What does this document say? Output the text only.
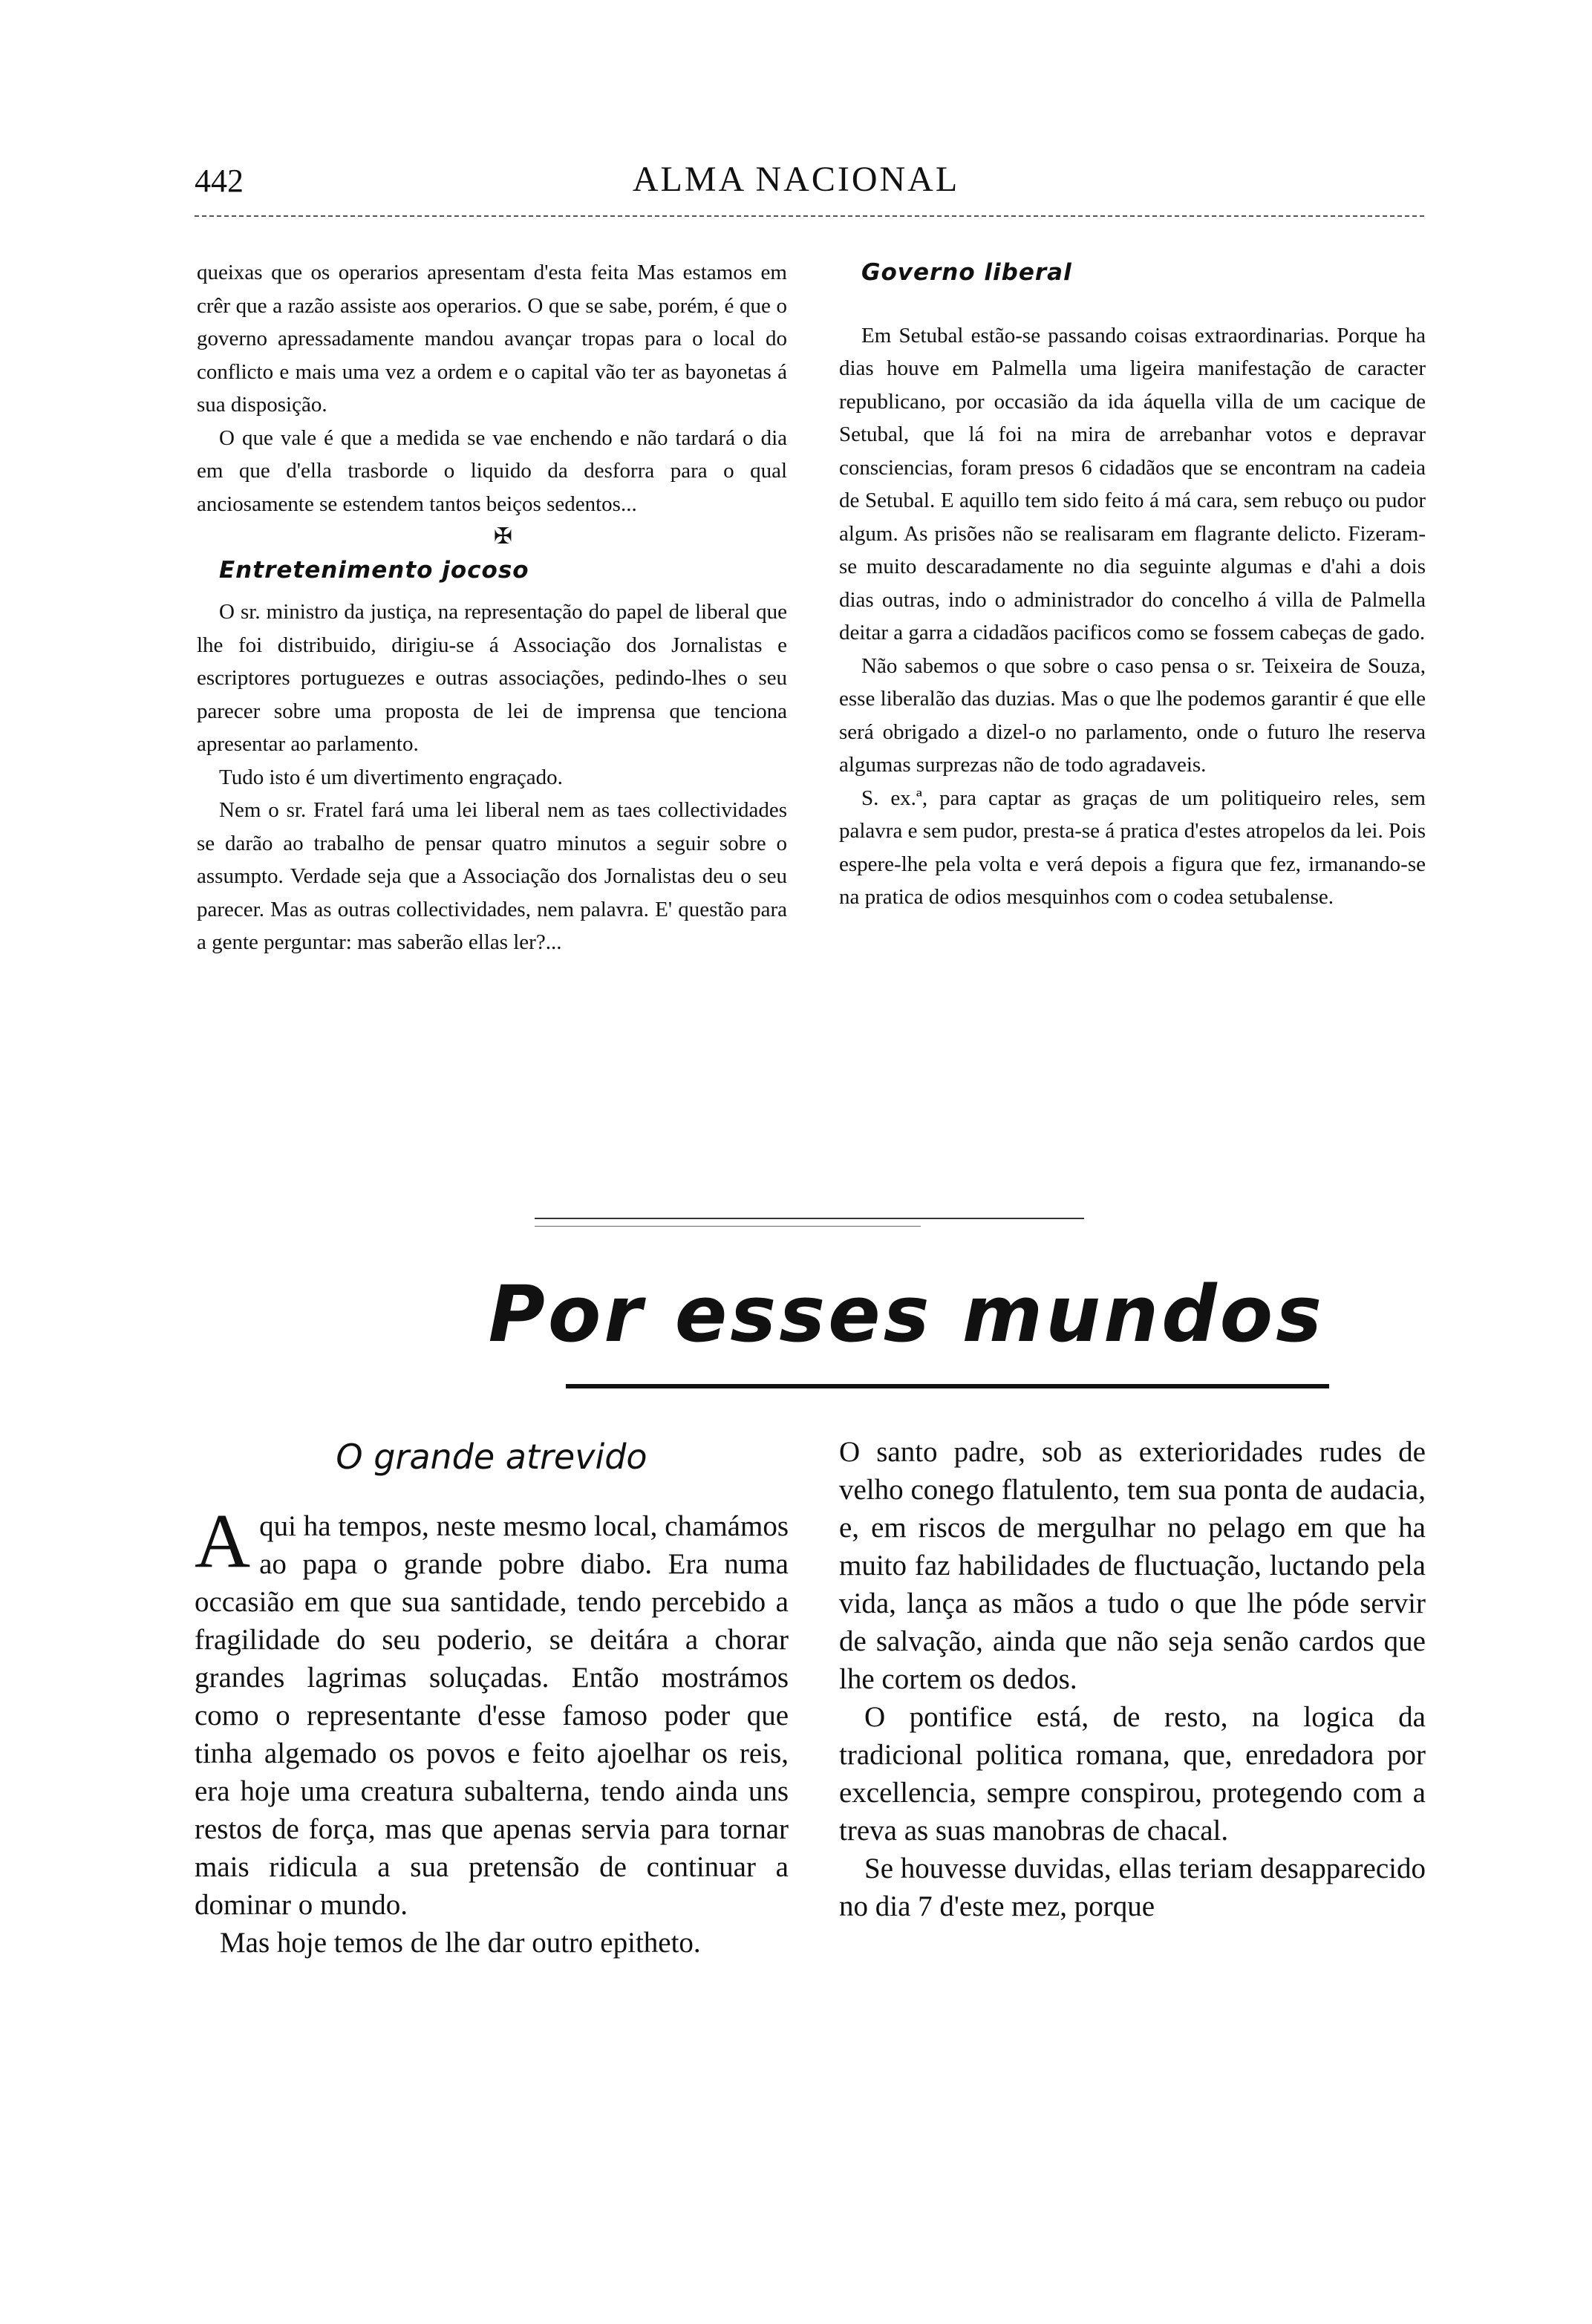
442	ALMA NACIONAL

queixas que os operarios apresentam d'esta feita Mas estamos em crêr que a razão assiste aos operarios. O que se sabe, porém, é que o governo apressadamente mandou avançar tropas para o local do conflicto e mais uma vez a ordem e o capital vão ter as bayonetas á sua disposição.

O que vale é que a medida se vae enchendo e não tardará o dia em que d'ella trasborde o liquido da desforra para o qual anciosamente se estendem tantos beiços sedentos...

✠

Entretenimento jocoso

O sr. ministro da justiça, na representação do papel de liberal que lhe foi distribuido, dirigiu-se á Associação dos Jornalistas e escriptores portuguezes e outras associações, pedindo-lhes o seu parecer sobre uma proposta de lei de imprensa que tenciona apresentar ao parlamento.

Tudo isto é um divertimento engraçado.

Nem o sr. Fratel fará uma lei liberal nem as taes collectividades se darão ao trabalho de pensar quatro minutos a seguir sobre o assumpto. Verdade seja que a Associação dos Jornalistas deu o seu parecer. Mas as outras collectividades, nem palavra. E' questão para a gente perguntar: mas saberão ellas ler?...

Governo liberal

Em Setubal estão-se passando coisas extraordinarias. Porque ha dias houve em Palmella uma ligeira manifestação de caracter republicano, por occasião da ida áquella villa de um cacique de Setubal, que lá foi na mira de arrebanhar votos e depravar consciencias, foram presos 6 cidadãos que se encontram na cadeia de Setubal. E aquillo tem sido feito á má cara, sem rebuço ou pudor algum. As prisões não se realisaram em flagrante delicto. Fizeram-se muito descaradamente no dia seguinte algumas e d'ahi a dois dias outras, indo o administrador do concelho á villa de Palmella deitar a garra a cidadãos pacificos como se fossem cabeças de gado.

Não sabemos o que sobre o caso pensa o sr. Teixeira de Souza, esse liberalão das duzias. Mas o que lhe podemos garantir é que elle será obrigado a dizel-o no parlamento, onde o futuro lhe reserva algumas surprezas não de todo agradaveis.

S. ex.ª, para captar as graças de um politiqueiro reles, sem palavra e sem pudor, presta-se á pratica d'estes atropelos da lei. Pois espere-lhe pela volta e verá depois a figura que fez, irmanando-se na pratica de odios mesquinhos com o codea setubalense.

Por esses mundos

O grande atrevido

Aqui ha tempos, neste mesmo local, chamámos ao papa o grande pobre diabo. Era numa occasião em que sua santidade, tendo percebido a fragilidade do seu poderio, se deitára a chorar grandes lagrimas soluçadas. Então mostrámos como o representante d'esse famoso poder que tinha algemado os povos e feito ajoelhar os reis, era hoje uma creatura subalterna, tendo ainda uns restos de força, mas que apenas servia para tornar mais ridicula a sua pretensão de continuar a dominar o mundo.

Mas hoje temos de lhe dar outro epitheto.

O santo padre, sob as exterioridades rudes de velho conego flatulento, tem sua ponta de audacia, e, em riscos de mergulhar no pelago em que ha muito faz habilidades de fluctuação, luctando pela vida, lança as mãos a tudo o que lhe póde servir de salvação, ainda que não seja senão cardos que lhe cortem os dedos.

O pontifice está, de resto, na logica da tradicional politica romana, que, enredadora por excellencia, sempre conspirou, protegendo com a treva as suas manobras de chacal.

Se houvesse duvidas, ellas teriam desapparecido no dia 7 d'este mez, porque
